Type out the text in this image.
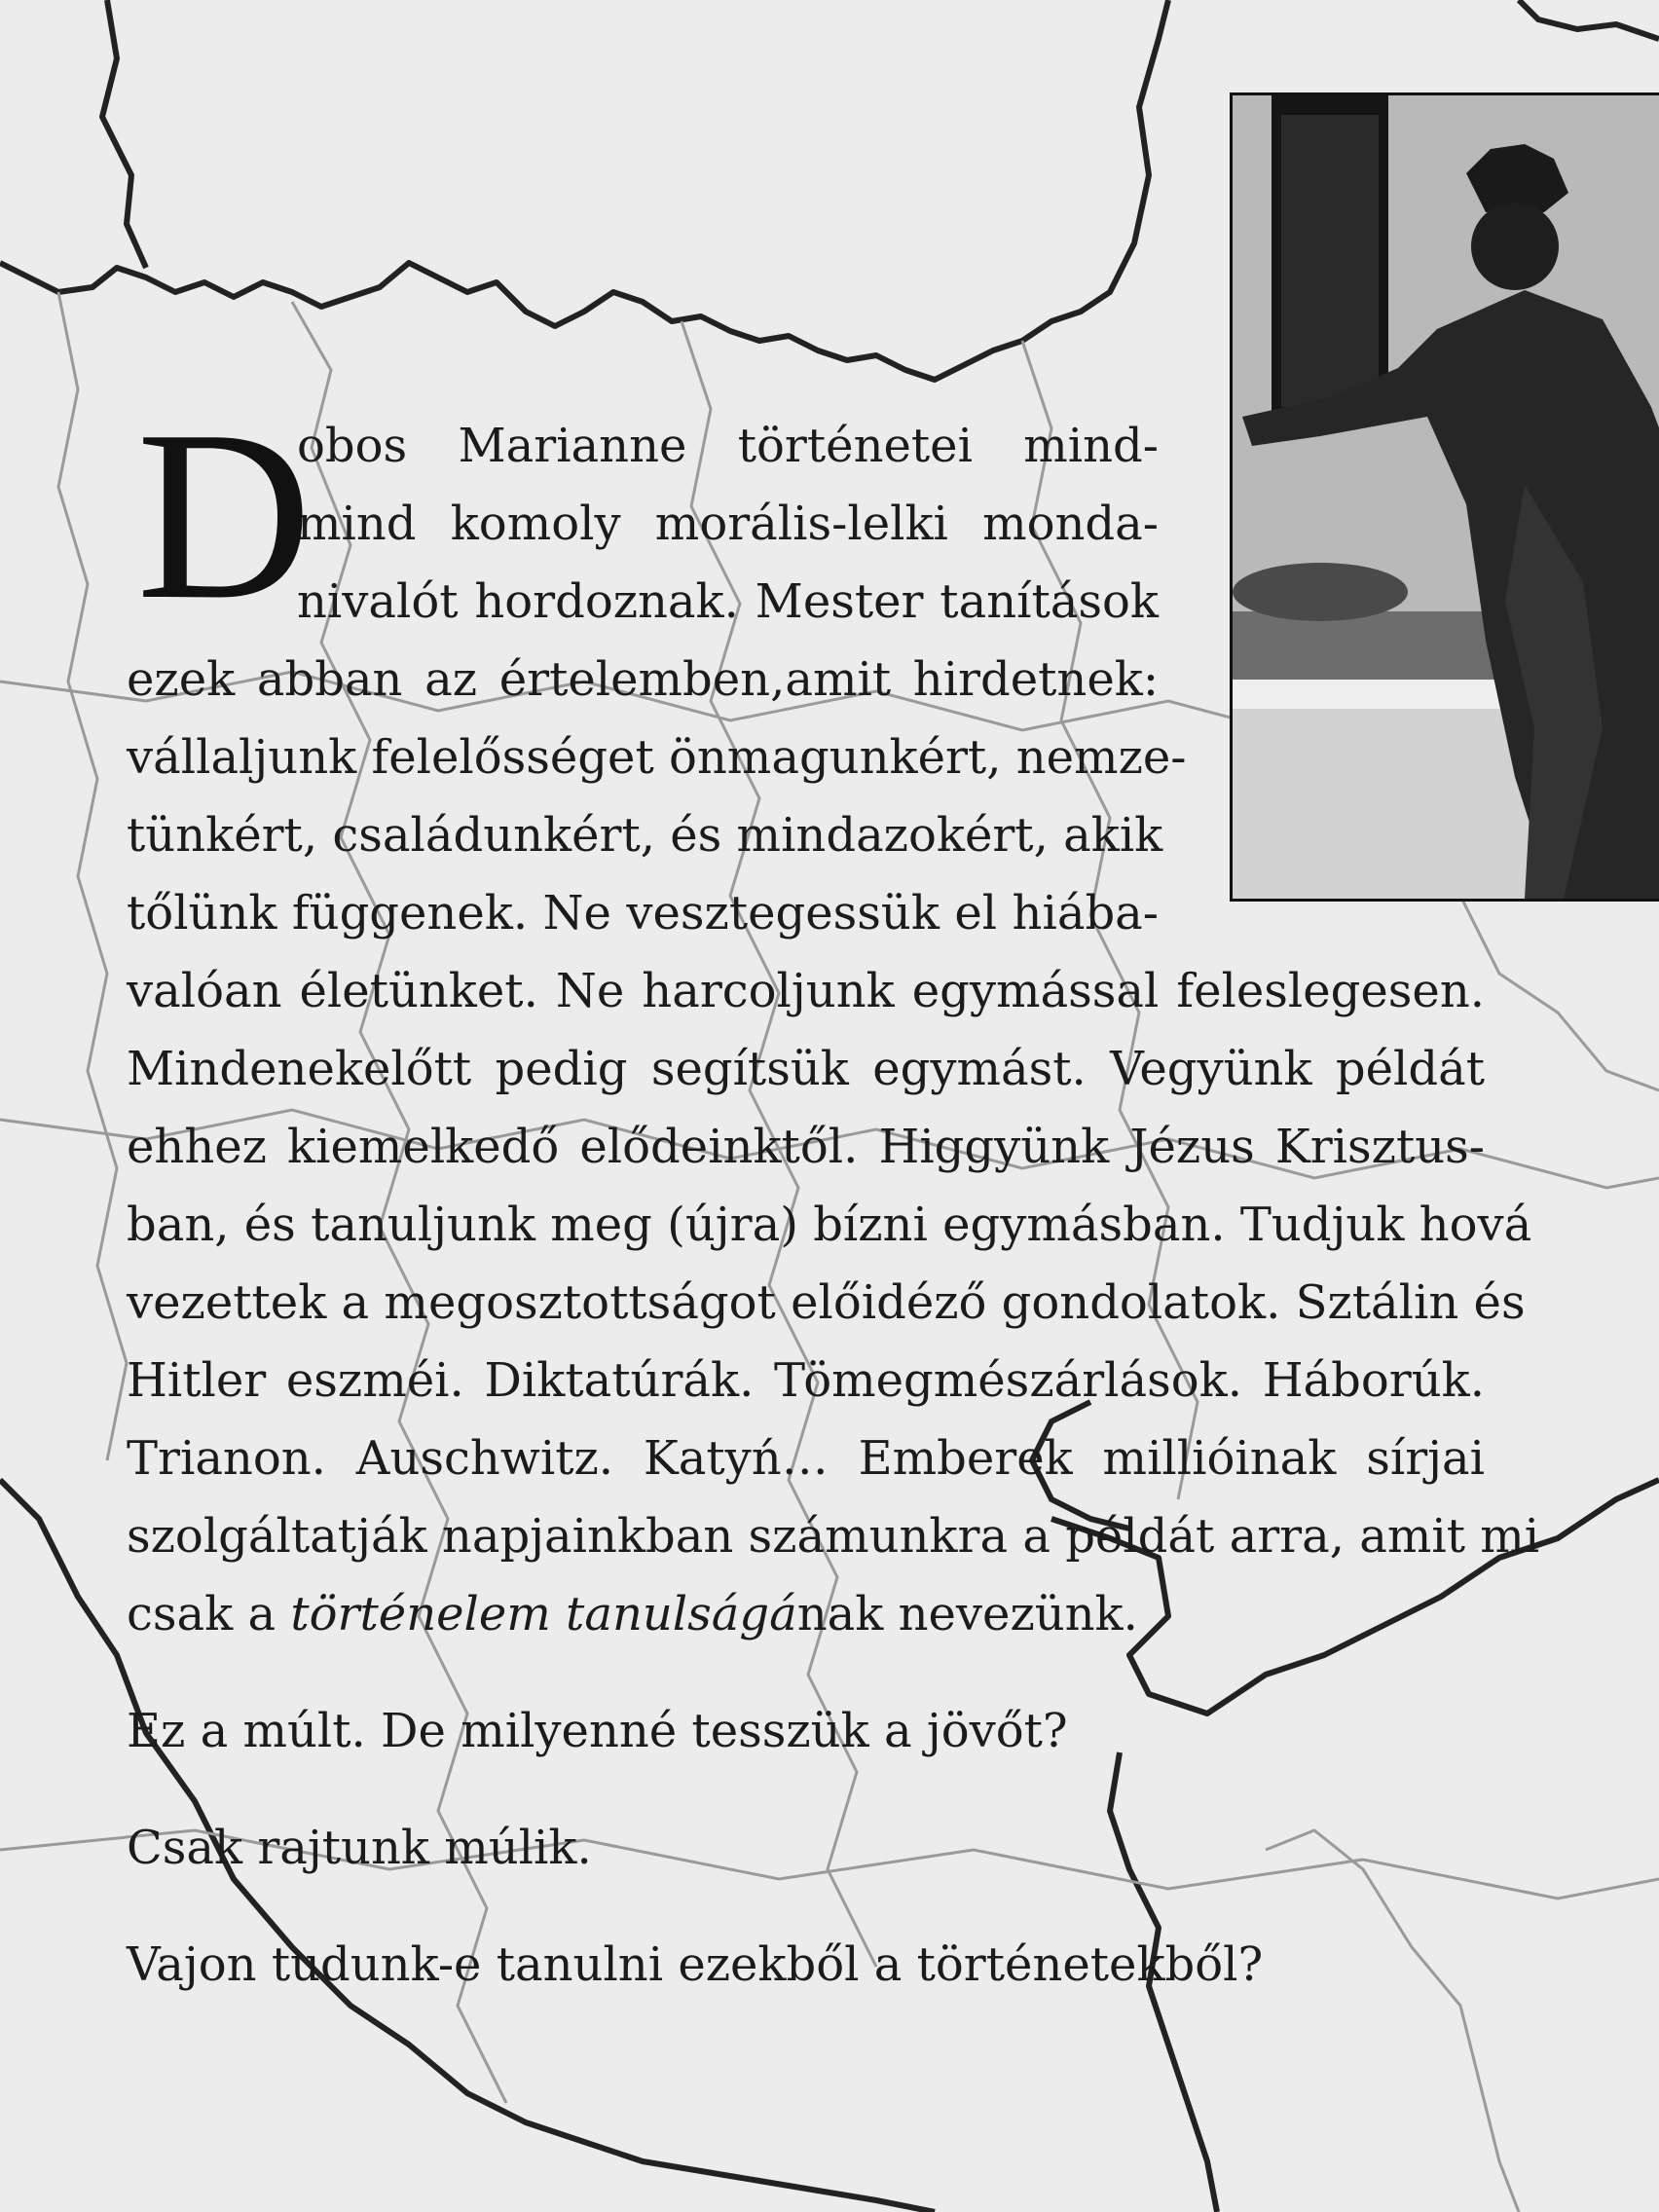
D
obos Marianne történetei mind-
mind komoly morális-lelki monda-
nivalót hordoznak. Mester tanítások
ezek abban az értelemben,amit hirdetnek:
vállaljunk felelősséget önmagunkért, nemze-
tünkért, családunkért, és mindazokért, akik
tőlünk függenek. Ne vesztegessük el hiába-
valóan életünket. Ne harcoljunk egymással feleslegesen.
Mindenekelőtt pedig segítsük egymást. Vegyünk példát
ehhez kiemelkedő elődeinktől. Higgyünk Jézus Krisztus-
ban, és tanuljunk meg (újra) bízni egymásban. Tudjuk hová
vezettek a megosztottságot előidéző gondolatok. Sztálin és
Hitler eszméi. Diktatúrák. Tömegmészárlások. Háborúk.
Trianon. Auschwitz. Katyń… Emberek millióinak sírjai
szolgáltatják napjainkban számunkra a példát arra, amit mi
csak a történelem tanulságának nevezünk.
Ez a múlt. De milyenné tesszük a jövőt?
Csak rajtunk múlik.
Vajon tudunk-e tanulni ezekből a történetekből?
